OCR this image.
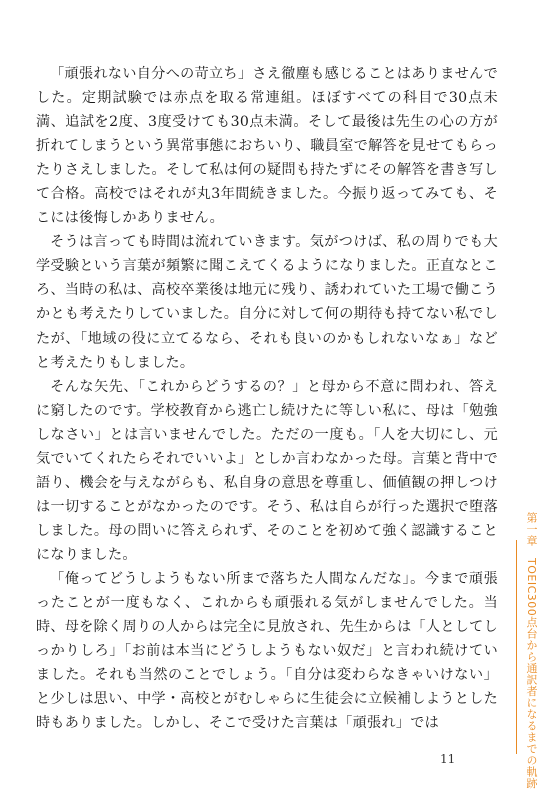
「頑張れない自分への苛立ち」さえ徹塵も感じることはありませんでした。定期試験では赤点を取る常連組。ほぼすべての科目で30点未満、追試を2度、3度受けても30点未満。そして最後は先生の心の方が折れてしまうという異常事態におちいり、職員室で解答を見せてもらったりさえしました。そして私は何の疑問も持たずにその解答を書き写して合格。高校ではそれが丸3年間続きました。今振り返ってみても、そこには後悔しかありません。

そうは言っても時間は流れていきます。気がつけば、私の周りでも大学受験という言葉が頻繁に聞こえてくるようになりました。正直なところ、当時の私は、高校卒業後は地元に残り、誘われていた工場で働こうかとも考えたりしていました。自分に対して何の期待も持てない私でしたが、「地域の役に立てるなら、それも良いのかもしれないなぁ」などと考えたりもしました。

そんな矢先、「これからどうするの？」と母から不意に問われ、答えに窮したのです。学校教育から逃亡し続けたに等しい私に、母は「勉強しなさい」とは言いませんでした。ただの一度も。「人を大切にし、元気でいてくれたらそれでいいよ」としか言わなかった母。言葉と背中で語り、機会を与えながらも、私自身の意思を尊重し、価値観の押しつけは一切することがなかったのです。そう、私は自らが行った選択で堕落しました。母の問いに答えられず、そのことを初めて強く認識することになりました。

「俺ってどうしようもない所まで落ちた人間なんだな」。今まで頑張ったことが一度もなく、これからも頑張れる気がしませんでした。当時、母を除く周りの人からは完全に見放され、先生からは「人としてしっかりしろ」「お前は本当にどうしようもない奴だ」と言われ続けていました。それも当然のことでしょう。「自分は変わらなきゃいけない」と少しは思い、中学・高校とがむしゃらに生徒会に立候補しようとした時もありました。しかし、そこで受けた言葉は「頑張れ」では

11	第一章　TOEIC300点台から通訳者になるまでの軌跡
